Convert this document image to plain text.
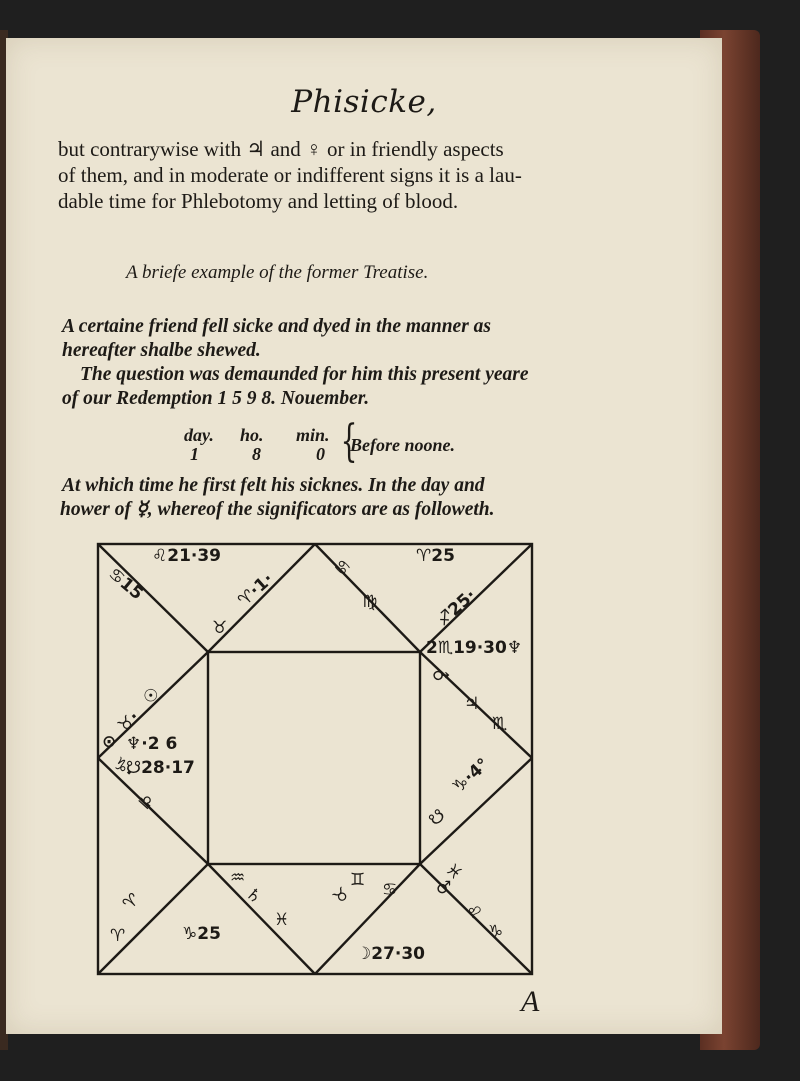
Phisicke,
but contrarywise with ♃ and ♀ or in friendly aspects
of them, and in moderate or indifferent signs it is a lau-
dable time for Phlebotomy and letting of blood.
A briefe example of the former Treatise.
A certaine friend fell sicke and dyed in the manner as
hereafter shalbe shewed.
The question was demaunded for him this present yeare
of our Redemption 1 5 9 8. Nouember.
day.	ho.	min.
1	8	0 {
Before noone.
At which time he first felt his sicknes. In the day and
hower of ☿, whereof the significators are as followeth.
♌21·39	♈25
♋15	♈·1·
♉
♋
♐25·
♍
2♏19·30♆
♂
♃
♏
☉
♉·
⊙ ♆·2 6
☋28·17
♑·
♎
♑·4°
☋
♒
♄
♓
♓
♂
♌
♑
♈
♑25
♈
♉
♊ ♋
☽27·30
A
